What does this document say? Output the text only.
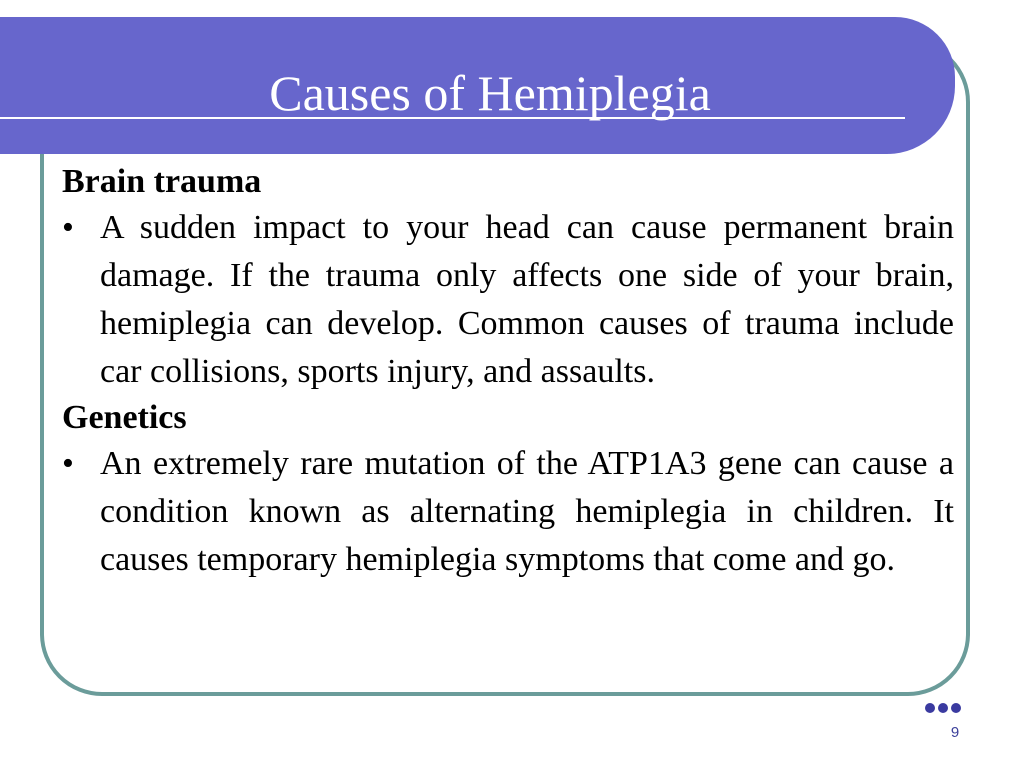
Causes of Hemiplegia

Brain trauma

• A sudden impact to your head can cause permanent brain damage. If the trauma only affects one side of your brain, hemiplegia can develop. Common causes of trauma include car collisions, sports injury, and assaults.

Genetics

• An extremely rare mutation of the ATP1A3 gene can cause a condition known as alternating hemiplegia in children. It causes temporary hemiplegia symptoms that come and go.

9
